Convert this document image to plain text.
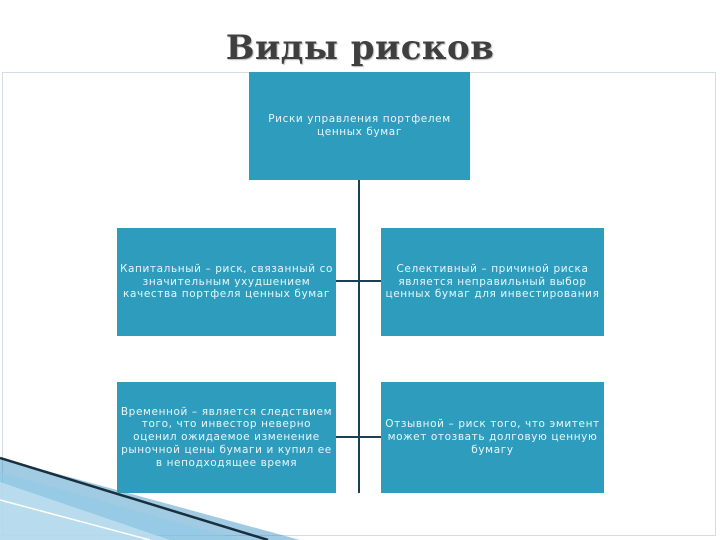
Виды рисков
Риски управления портфелем ценных бумаг
Капитальный – риск, связанный со значительным ухудшением качества портфеля ценных бумаг
Селективный – причиной риска является неправильный выбор ценных бумаг для инвестирования
Временной – является следствием того, что инвестор неверно оценил ожидаемое изменение рыночной цены бумаги и купил ее в неподходящее время
Отзывной – риск того, что эмитент может отозвать долговую ценную бумагу
